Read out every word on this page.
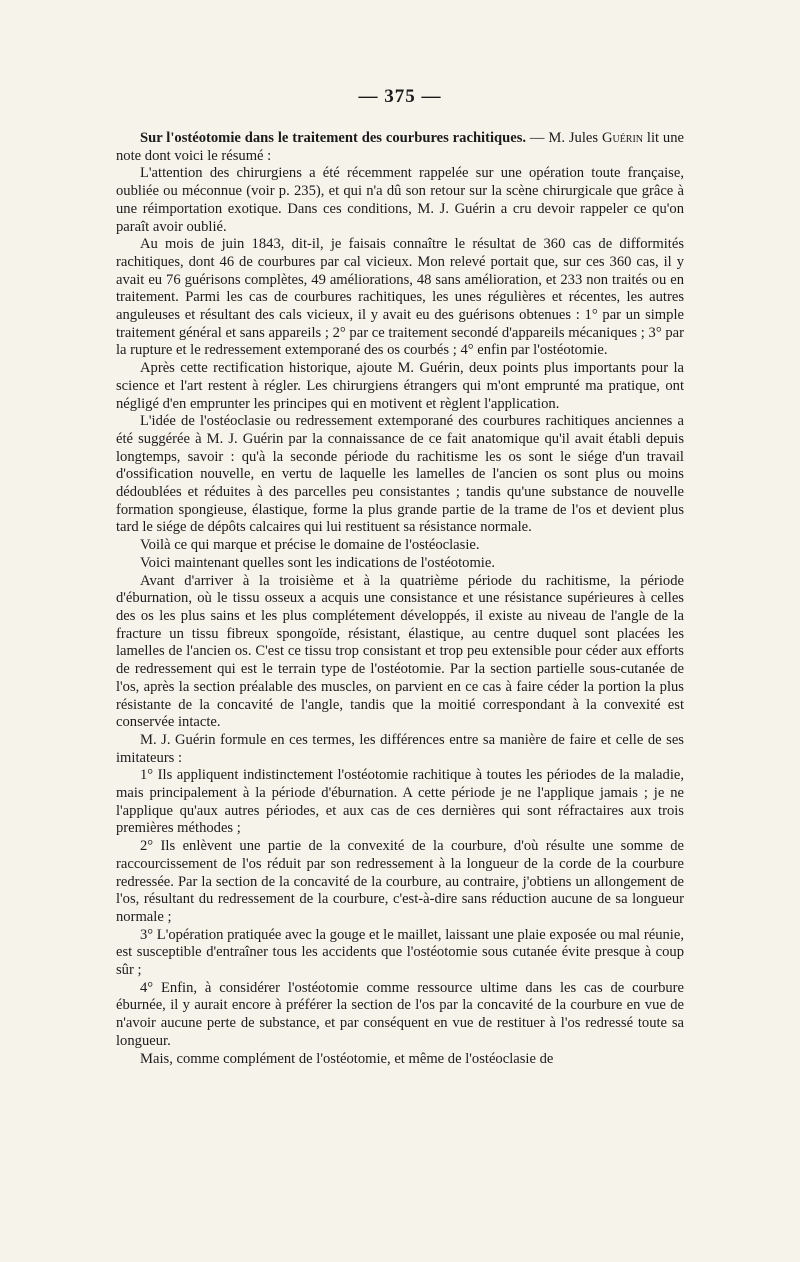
— 375 —

Sur l'ostéotomie dans le traitement des courbures rachitiques. — M. Jules Guérin lit une note dont voici le résumé :

L'attention des chirurgiens a été récemment rappelée sur une opération toute française, oubliée ou méconnue (voir p. 235), et qui n'a dû son retour sur la scène chirurgicale que grâce à une réimportation exotique. Dans ces conditions, M. J. Guérin a cru devoir rappeler ce qu'on paraît avoir oublié.

Au mois de juin 1843, dit-il, je faisais connaître le résultat de 360 cas de difformités rachitiques, dont 46 de courbures par cal vicieux. Mon relevé portait que, sur ces 360 cas, il y avait eu 76 guérisons complètes, 49 améliorations, 48 sans amélioration, et 233 non traités ou en traitement. Parmi les cas de courbures rachitiques, les unes régulières et récentes, les autres anguleuses et résultant des cals vicieux, il y avait eu des guérisons obtenues : 1° par un simple traitement général et sans appareils ; 2° par ce traitement secondé d'appareils mécaniques ; 3° par la rupture et le redressement extemporané des os courbés ; 4° enfin par l'ostéotomie.

Après cette rectification historique, ajoute M. Guérin, deux points plus importants pour la science et l'art restent à régler. Les chirurgiens étrangers qui m'ont emprunté ma pratique, ont négligé d'en emprunter les principes qui en motivent et règlent l'application.

L'idée de l'ostéoclasie ou redressement extemporané des courbures rachitiques anciennes a été suggérée à M. J. Guérin par la connaissance de ce fait anatomique qu'il avait établi depuis longtemps, savoir : qu'à la seconde période du rachitisme les os sont le siége d'un travail d'ossification nouvelle, en vertu de laquelle les lamelles de l'ancien os sont plus ou moins dédoublées et réduites à des parcelles peu consistantes ; tandis qu'une substance de nouvelle formation spongieuse, élastique, forme la plus grande partie de la trame de l'os et devient plus tard le siége de dépôts calcaires qui lui restituent sa résistance normale.

Voilà ce qui marque et précise le domaine de l'ostéoclasie.

Voici maintenant quelles sont les indications de l'ostéotomie.

Avant d'arriver à la troisième et à la quatrième période du rachitisme, la période d'éburnation, où le tissu osseux a acquis une consistance et une résistance supérieures à celles des os les plus sains et les plus complétement développés, il existe au niveau de l'angle de la fracture un tissu fibreux spongoïde, résistant, élastique, au centre duquel sont placées les lamelles de l'ancien os. C'est ce tissu trop consistant et trop peu extensible pour céder aux efforts de redressement qui est le terrain type de l'ostéotomie. Par la section partielle sous-cutanée de l'os, après la section préalable des muscles, on parvient en ce cas à faire céder la portion la plus résistante de la concavité de l'angle, tandis que la moitié correspondant à la convexité est conservée intacte.

M. J. Guérin formule en ces termes, les différences entre sa manière de faire et celle de ses imitateurs :

1° Ils appliquent indistinctement l'ostéotomie rachitique à toutes les périodes de la maladie, mais principalement à la période d'éburnation. A cette période je ne l'applique jamais ; je ne l'applique qu'aux autres périodes, et aux cas de ces dernières qui sont réfractaires aux trois premières méthodes ;

2° Ils enlèvent une partie de la convexité de la courbure, d'où résulte une somme de raccourcissement de l'os réduit par son redressement à la longueur de la corde de la courbure redressée. Par la section de la concavité de la courbure, au contraire, j'obtiens un allongement de l'os, résultant du redressement de la courbure, c'est-à-dire sans réduction aucune de sa longueur normale ;

3° L'opération pratiquée avec la gouge et le maillet, laissant une plaie exposée ou mal réunie, est susceptible d'entraîner tous les accidents que l'ostéotomie sous cutanée évite presque à coup sûr ;

4° Enfin, à considérer l'ostéotomie comme ressource ultime dans les cas de courbure éburnée, il y aurait encore à préférer la section de l'os par la concavité de la courbure en vue de n'avoir aucune perte de substance, et par conséquent en vue de restituer à l'os redressé toute sa longueur.

Mais, comme complément de l'ostéotomie, et même de l'ostéoclasie de
